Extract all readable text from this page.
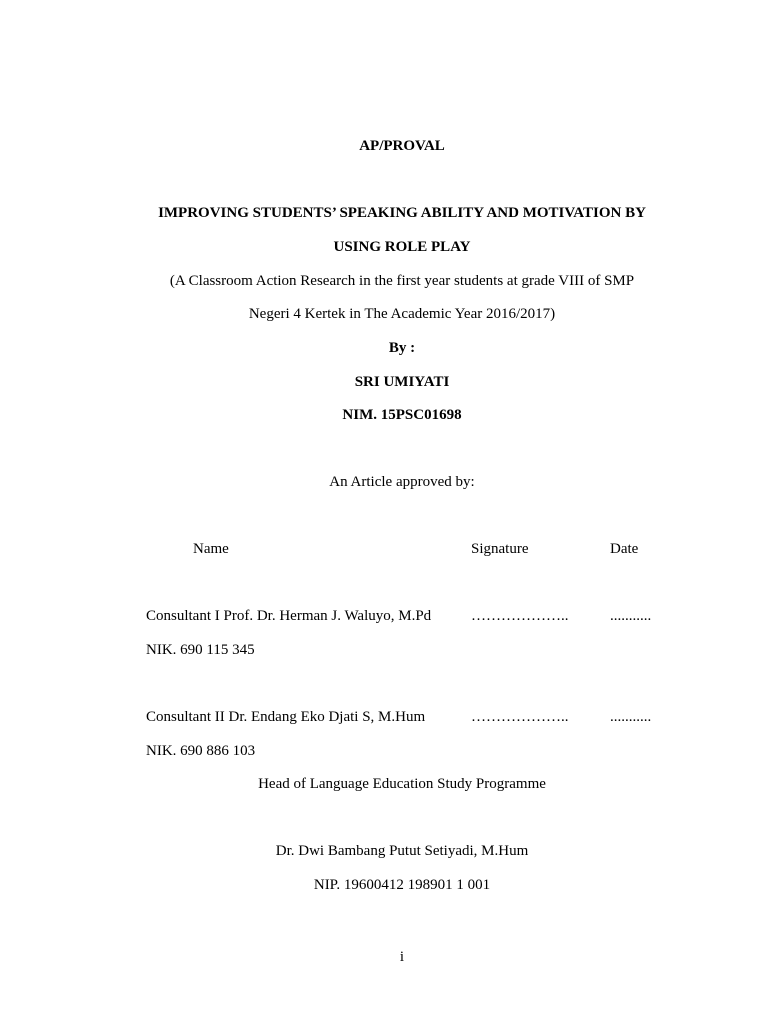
AP/PROVAL
IMPROVING STUDENTS’ SPEAKING ABILITY AND MOTIVATION BY
USING ROLE PLAY
(A Classroom Action Research in the first year students at grade VIII of SMP
Negeri 4 Kertek in The Academic Year 2016/2017)
By :
SRI UMIYATI
NIM. 15PSC01698
An Article approved by:
Name	Signature	Date
Consultant I Prof. Dr. Herman J. Waluyo, M.Pd	………………..	...........
NIK. 690 115 345
Consultant II Dr. Endang Eko Djati S, M.Hum	………………..	...........
NIK. 690 886 103
Head of Language Education Study Programme
Dr. Dwi Bambang Putut Setiyadi, M.Hum
NIP. 19600412 198901 1 001
i
